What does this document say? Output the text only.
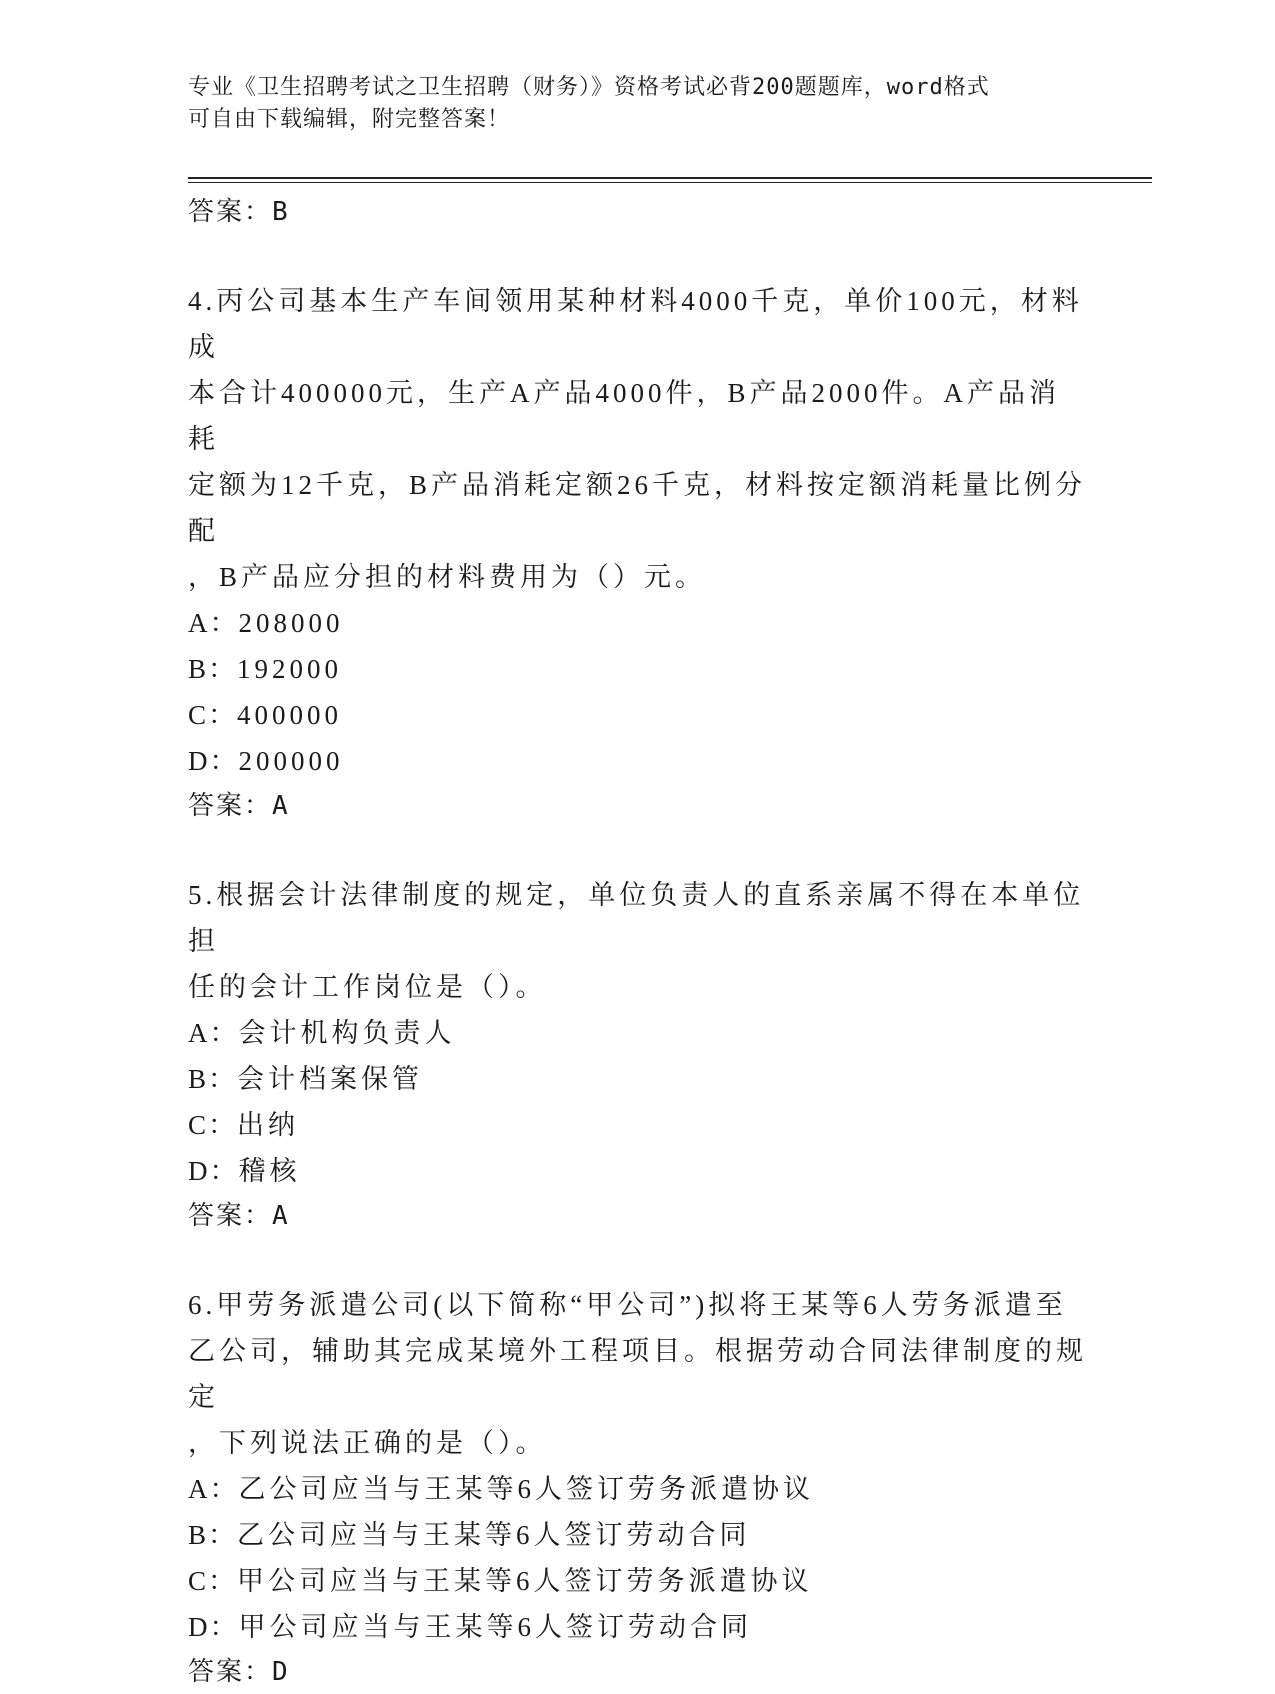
专业《卫生招聘考试之卫生招聘（财务）》资格考试必背200题题库，word格式
可自由下载编辑，附完整答案！
答案：B
4.丙公司基本生产车间领用某种材料4000千克，单价100元，材料成
本合计400000元，生产A产品4000件，B产品2000件。A产品消耗
定额为12千克，B产品消耗定额26千克，材料按定额消耗量比例分配
，B产品应分担的材料费用为（）元。
A：208000
B：192000
C：400000
D：200000
答案：A
5.根据会计法律制度的规定，单位负责人的直系亲属不得在本单位担
任的会计工作岗位是（）。
A：会计机构负责人
B：会计档案保管
C：出纳
D：稽核
答案：A
6.甲劳务派遣公司(以下简称“甲公司”)拟将王某等6人劳务派遣至
乙公司，辅助其完成某境外工程项目。根据劳动合同法律制度的规定
，下列说法正确的是（）。
A：乙公司应当与王某等6人签订劳务派遣协议
B：乙公司应当与王某等6人签订劳动合同
C：甲公司应当与王某等6人签订劳务派遣协议
D：甲公司应当与王某等6人签订劳动合同
答案：D
